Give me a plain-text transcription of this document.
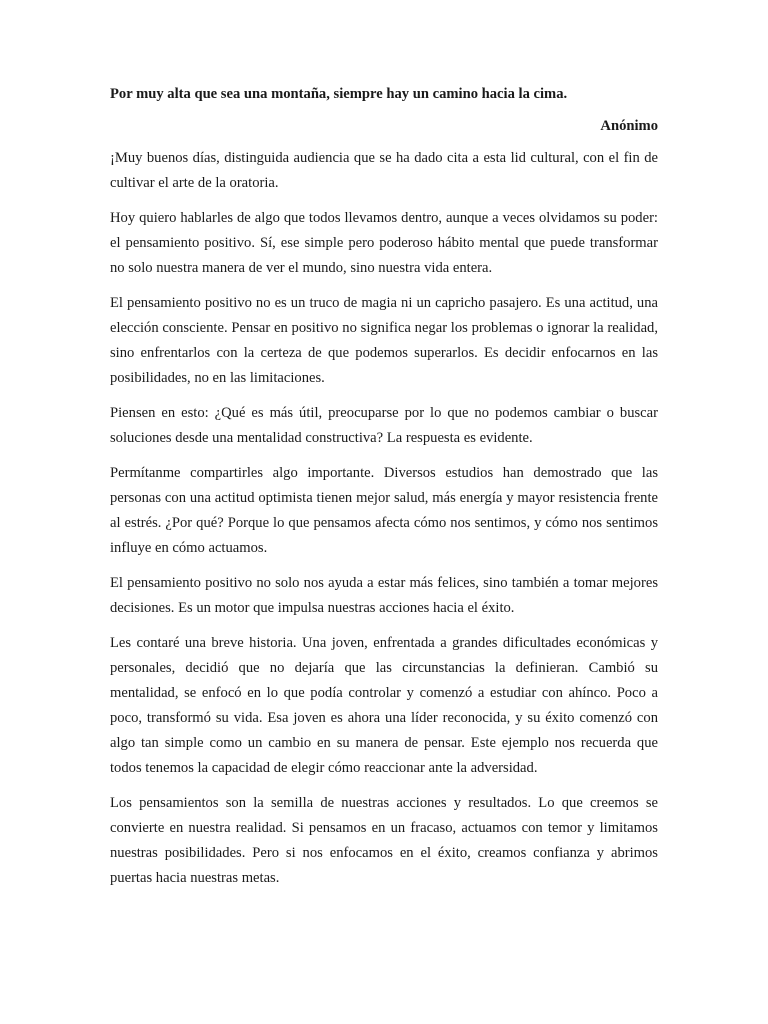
Por muy alta que sea una montaña, siempre hay un camino hacia la cima.

Anónimo

¡Muy buenos días, distinguida audiencia que se ha dado cita a esta lid cultural, con el fin de cultivar el arte de la oratoria.

Hoy quiero hablarles de algo que todos llevamos dentro, aunque a veces olvidamos su poder: el pensamiento positivo. Sí, ese simple pero poderoso hábito mental que puede transformar no solo nuestra manera de ver el mundo, sino nuestra vida entera.

El pensamiento positivo no es un truco de magia ni un capricho pasajero. Es una actitud, una elección consciente. Pensar en positivo no significa negar los problemas o ignorar la realidad, sino enfrentarlos con la certeza de que podemos superarlos. Es decidir enfocarnos en las posibilidades, no en las limitaciones.

Piensen en esto: ¿Qué es más útil, preocuparse por lo que no podemos cambiar o buscar soluciones desde una mentalidad constructiva? La respuesta es evidente.

Permítanme compartirles algo importante. Diversos estudios han demostrado que las personas con una actitud optimista tienen mejor salud, más energía y mayor resistencia frente al estrés. ¿Por qué? Porque lo que pensamos afecta cómo nos sentimos, y cómo nos sentimos influye en cómo actuamos.

El pensamiento positivo no solo nos ayuda a estar más felices, sino también a tomar mejores decisiones. Es un motor que impulsa nuestras acciones hacia el éxito.

Les contaré una breve historia. Una joven, enfrentada a grandes dificultades económicas y personales, decidió que no dejaría que las circunstancias la definieran. Cambió su mentalidad, se enfocó en lo que podía controlar y comenzó a estudiar con ahínco. Poco a poco, transformó su vida. Esa joven es ahora una líder reconocida, y su éxito comenzó con algo tan simple como un cambio en su manera de pensar. Este ejemplo nos recuerda que todos tenemos la capacidad de elegir cómo reaccionar ante la adversidad.

Los pensamientos son la semilla de nuestras acciones y resultados. Lo que creemos se convierte en nuestra realidad. Si pensamos en un fracaso, actuamos con temor y limitamos nuestras posibilidades. Pero si nos enfocamos en el éxito, creamos confianza y abrimos puertas hacia nuestras metas.
